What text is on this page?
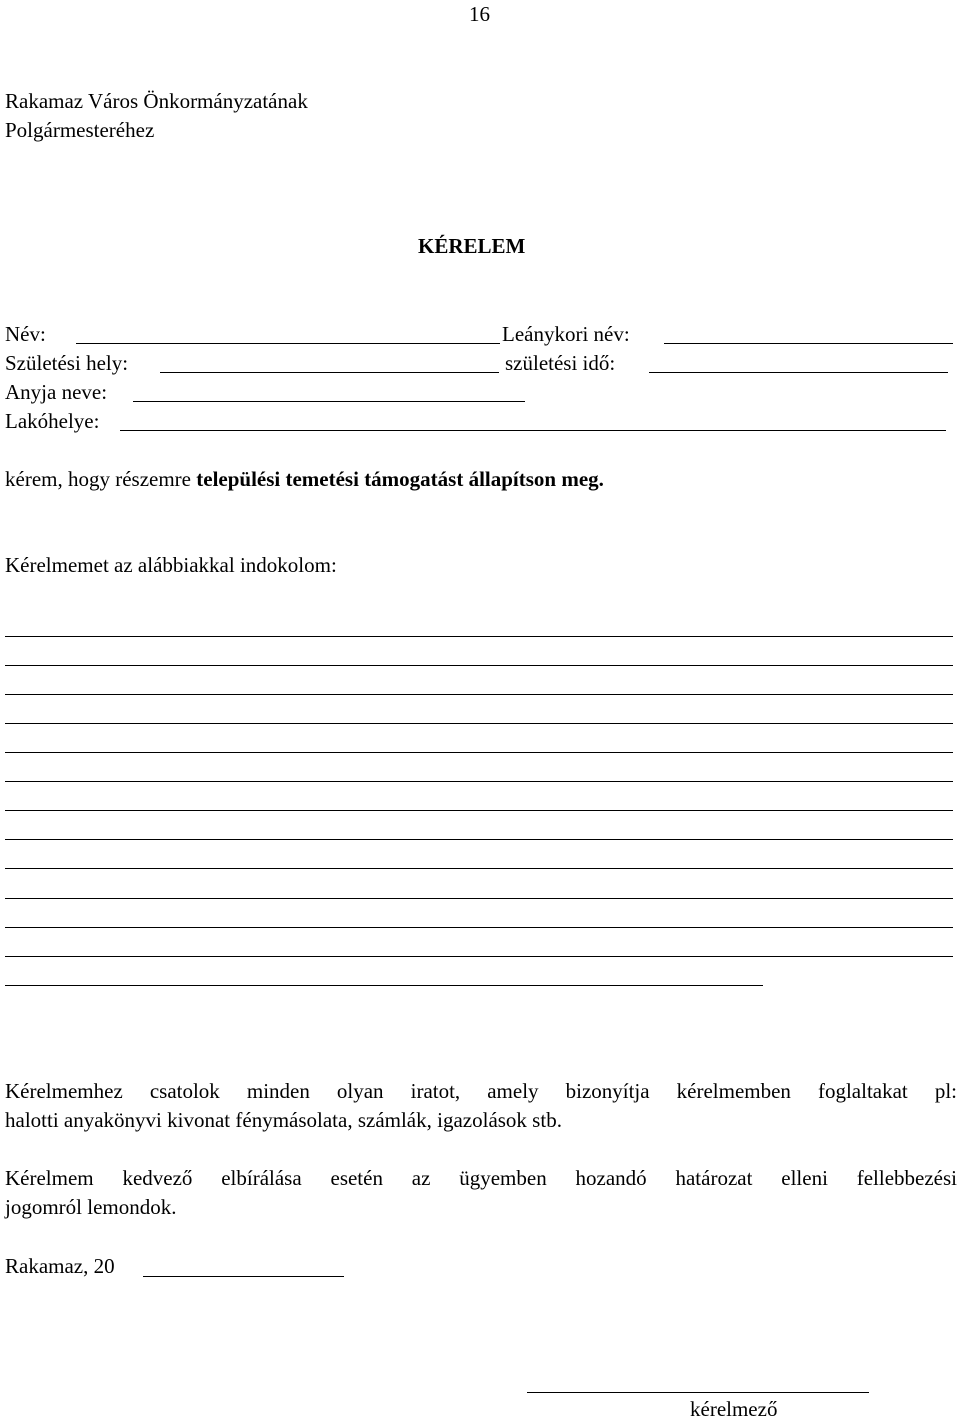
16
Rakamaz Város Önkormányzatának
Polgármesteréhez
KÉRELEM
Név:	Leánykori név:
Születési hely:	születési idő:
Anyja neve:
Lakóhelye:
kérem, hogy részemre települési temetési támogatást állapítson meg.
Kérelmemet az alábbiakkal indokolom:
Kérelmemhez csatolok minden olyan iratot, amely bizonyítja kérelmemben foglaltakat pl:
halotti anyakönyvi kivonat fénymásolata, számlák, igazolások stb.
Kérelmem kedvező elbírálása esetén az ügyemben hozandó határozat elleni fellebbezési
jogomról lemondok.
Rakamaz, 20
kérelmező
